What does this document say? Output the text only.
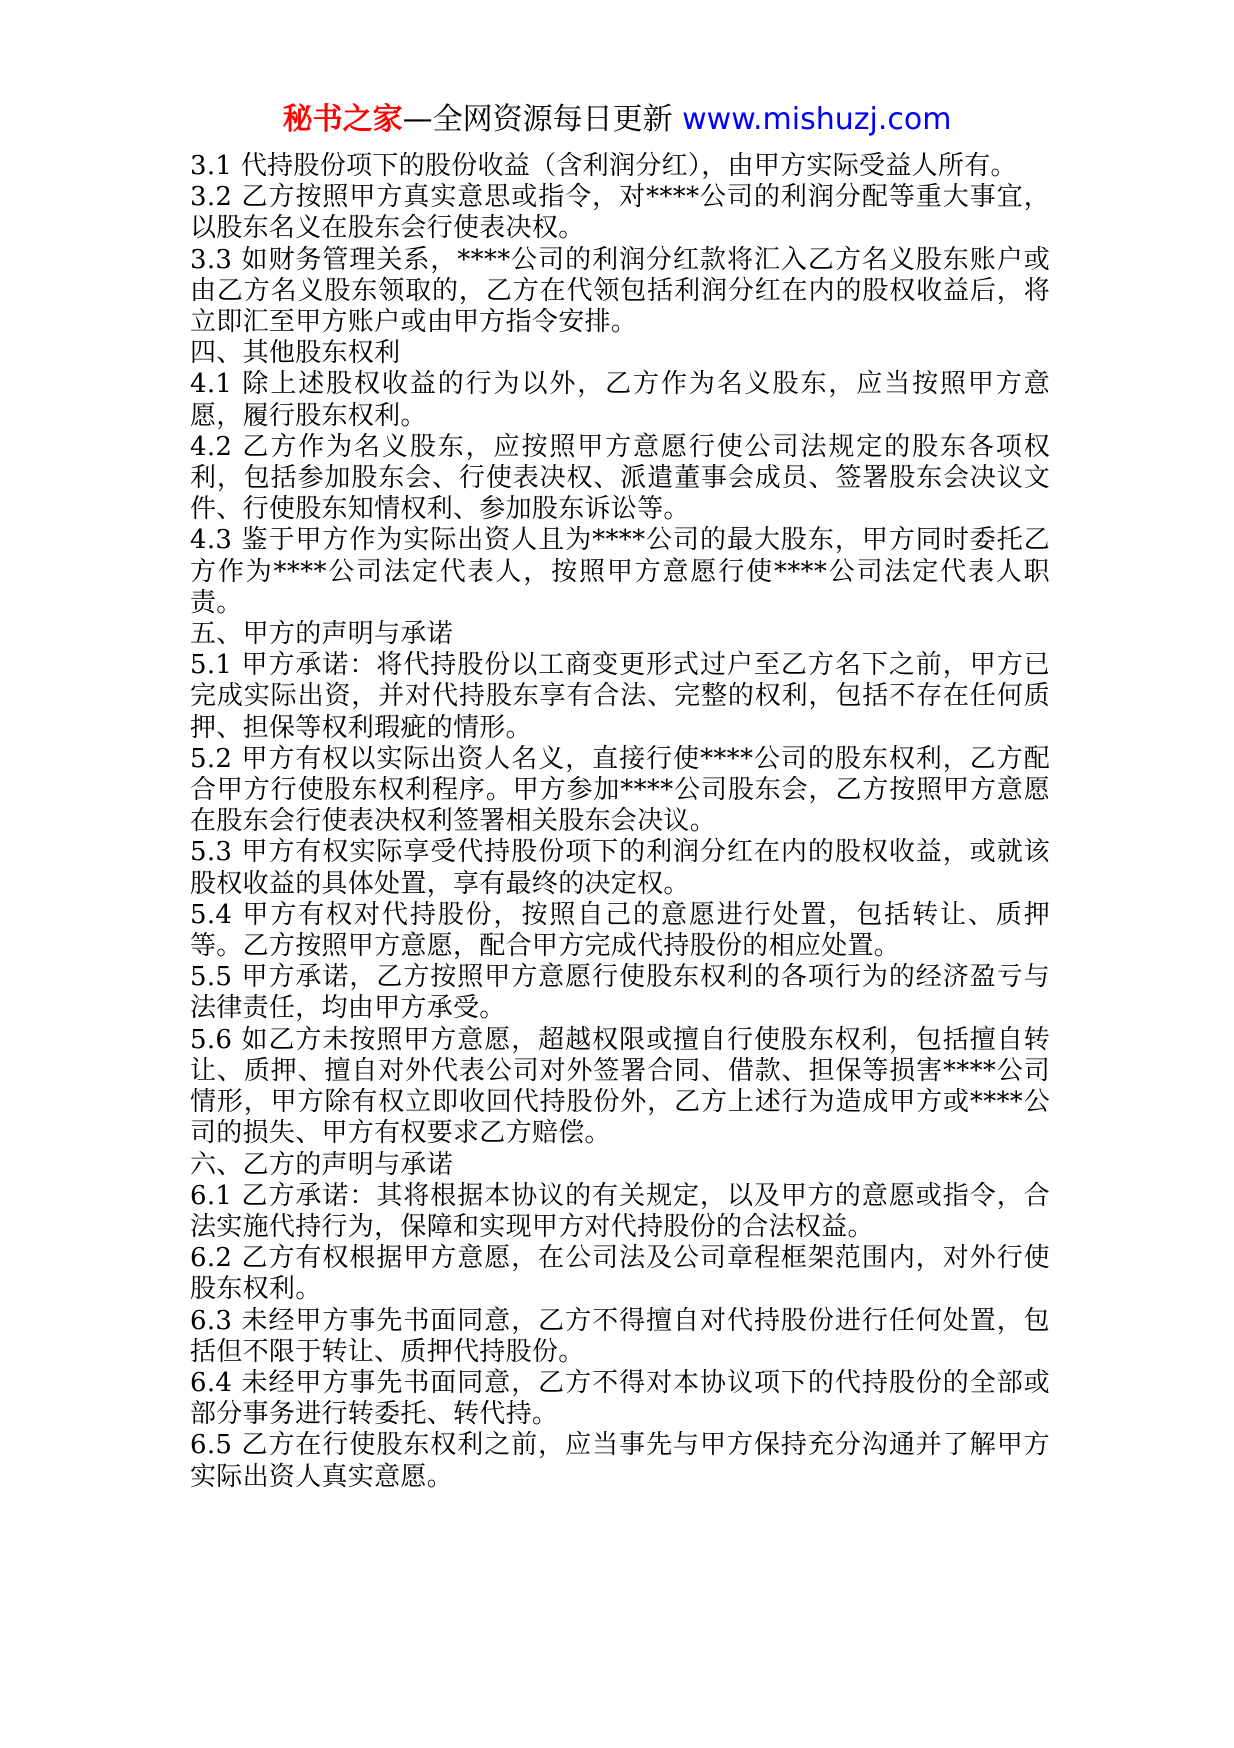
秘书之家—全网资源每日更新 www.mishuzj.com

3.1 代持股份项下的股份收益（含利润分红），由甲方实际受益人所有。

3.2 乙方按照甲方真实意思或指令，对****公司的利润分配等重大事宜，以股东名义在股东会行使表决权。

3.3 如财务管理关系，****公司的利润分红款将汇入乙方名义股东账户或由乙方名义股东领取的，乙方在代领包括利润分红在内的股权收益后，将立即汇至甲方账户或由甲方指令安排。

四、其他股东权利

4.1 除上述股权收益的行为以外，乙方作为名义股东，应当按照甲方意愿，履行股东权利。

4.2 乙方作为名义股东，应按照甲方意愿行使公司法规定的股东各项权利，包括参加股东会、行使表决权、派遣董事会成员、签署股东会决议文件、行使股东知情权利、参加股东诉讼等。

4.3 鉴于甲方作为实际出资人且为****公司的最大股东，甲方同时委托乙方作为****公司法定代表人，按照甲方意愿行使****公司法定代表人职责。

五、甲方的声明与承诺

5.1 甲方承诺：将代持股份以工商变更形式过户至乙方名下之前，甲方已完成实际出资，并对代持股东享有合法、完整的权利，包括不存在任何质押、担保等权利瑕疵的情形。

5.2 甲方有权以实际出资人名义，直接行使****公司的股东权利，乙方配合甲方行使股东权利程序。甲方参加****公司股东会，乙方按照甲方意愿在股东会行使表决权利签署相关股东会决议。

5.3 甲方有权实际享受代持股份项下的利润分红在内的股权收益，或就该股权收益的具体处置，享有最终的决定权。

5.4 甲方有权对代持股份，按照自己的意愿进行处置，包括转让、质押等。乙方按照甲方意愿，配合甲方完成代持股份的相应处置。

5.5 甲方承诺，乙方按照甲方意愿行使股东权利的各项行为的经济盈亏与法律责任，均由甲方承受。

5.6 如乙方未按照甲方意愿，超越权限或擅自行使股东权利，包括擅自转让、质押、擅自对外代表公司对外签署合同、借款、担保等损害****公司情形，甲方除有权立即收回代持股份外，乙方上述行为造成甲方或****公司的损失、甲方有权要求乙方赔偿。

六、乙方的声明与承诺

6.1 乙方承诺：其将根据本协议的有关规定，以及甲方的意愿或指令，合法实施代持行为，保障和实现甲方对代持股份的合法权益。

6.2 乙方有权根据甲方意愿，在公司法及公司章程框架范围内，对外行使股东权利。

6.3 未经甲方事先书面同意，乙方不得擅自对代持股份进行任何处置，包括但不限于转让、质押代持股份。

6.4 未经甲方事先书面同意，乙方不得对本协议项下的代持股份的全部或部分事务进行转委托、转代持。

6.5 乙方在行使股东权利之前，应当事先与甲方保持充分沟通并了解甲方实际出资人真实意愿。
